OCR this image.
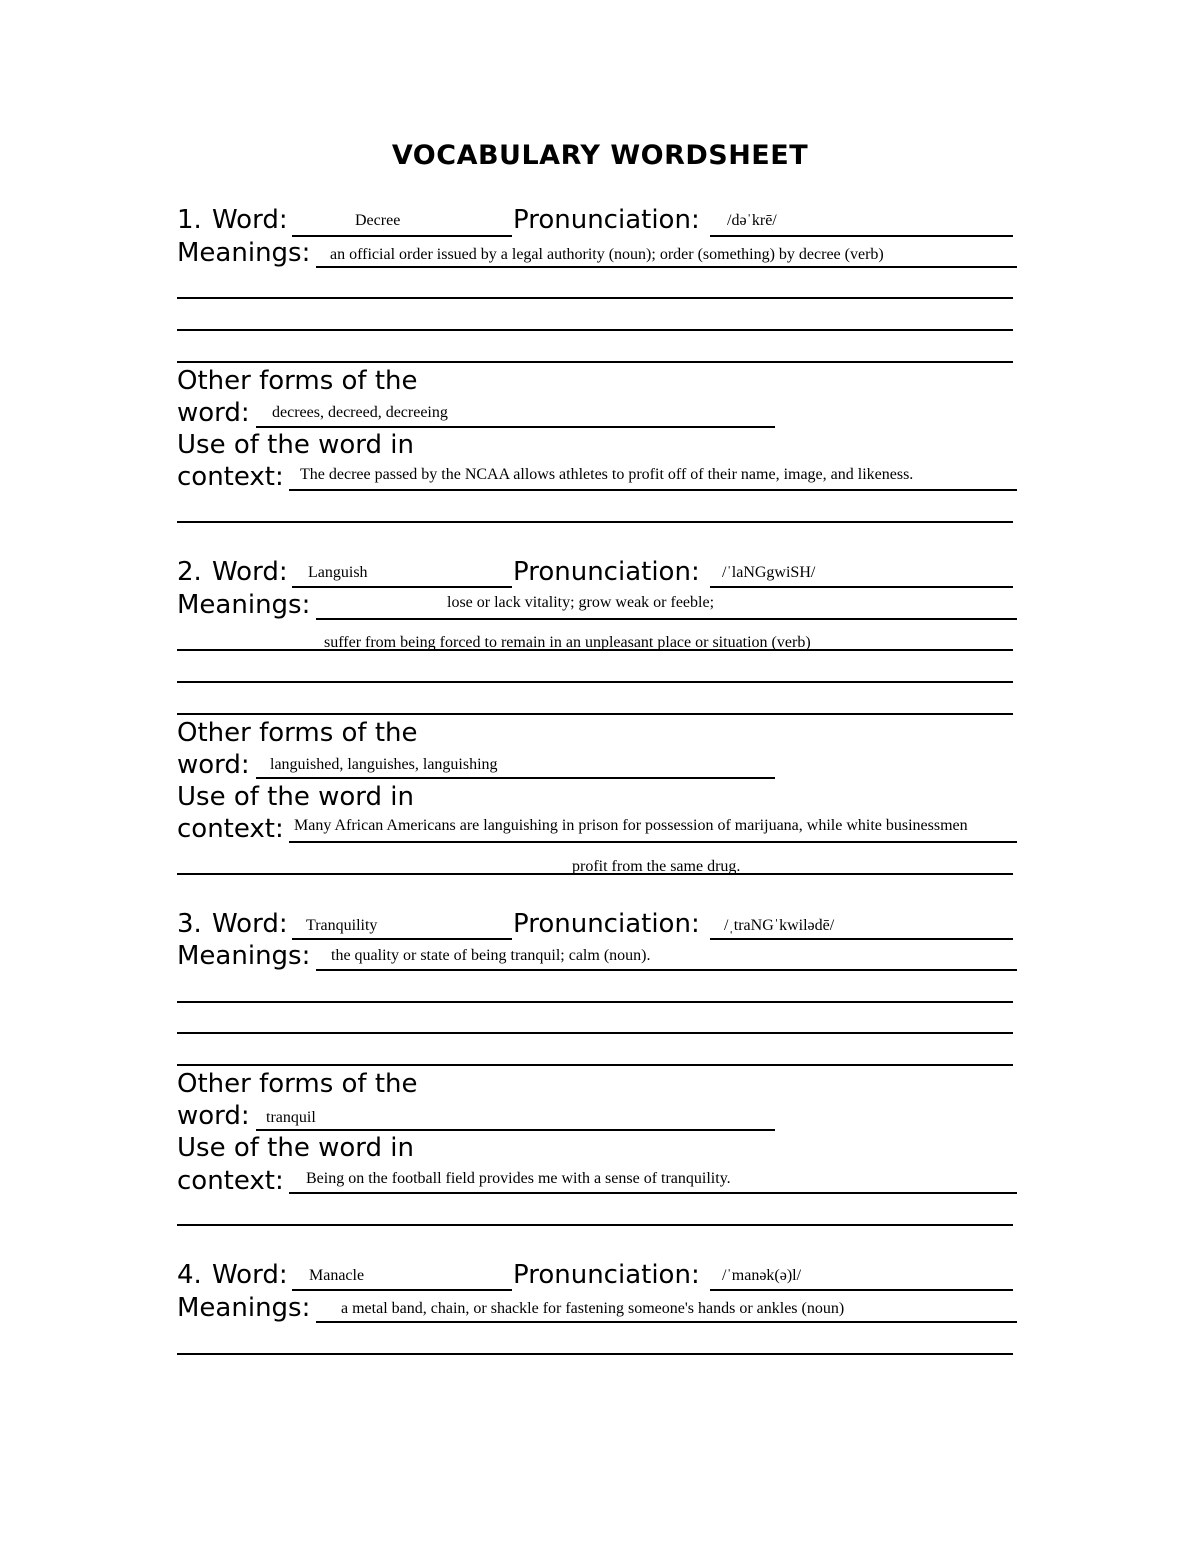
VOCABULARY WORDSHEET
1. Word:	Decree	Pronunciation: /dəˈkrē/
Meanings: an official order issued by a legal authority (noun); order (something) by decree (verb)
Other forms of the
word: decrees, decreed, decreeing
Use of the word in
context: The decree passed by the NCAA allows athletes to profit off of their name, image, and likeness.
2. Word: Languish	Pronunciation: /ˈlaNGgwiSH/
Meanings:	lose or lack vitality; grow weak or feeble;
suffer from being forced to remain in an unpleasant place or situation (verb)
Other forms of the
word: languished, languishes, languishing
Use of the word in
context: Many African Americans are languishing in prison for possession of marijuana, while white businessmen
profit from the same drug.
3. Word: Tranquility	Pronunciation: /ˌtraNGˈkwilədē/
Meanings: the quality or state of being tranquil; calm (noun).
Other forms of the
word: tranquil
Use of the word in
context: Being on the football field provides me with a sense of tranquility.
4. Word: Manacle	Pronunciation: /ˈmanək(ə)l/
Meanings: a metal band, chain, or shackle for fastening someone's hands or ankles (noun)
